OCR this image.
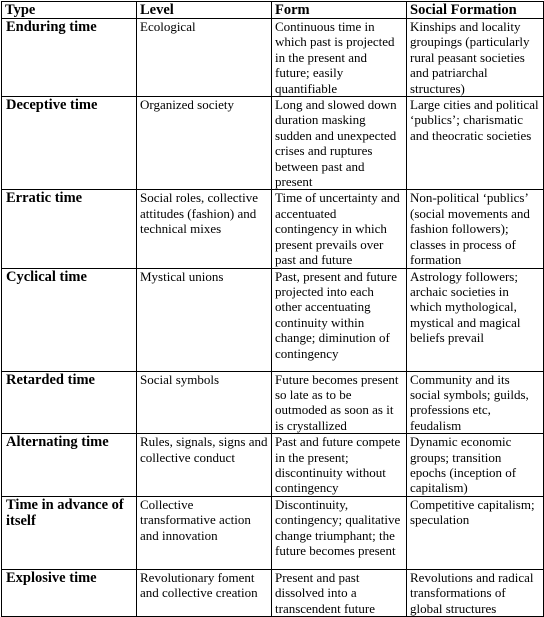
Type	Level	Form	Social Formation
Enduring time	Ecological	Continuous time in which past is projected in the present and future; easily quantifiable	Kinships and locality groupings (particularly rural peasant societies and patriarchal structures)
Deceptive time	Organized society	Long and slowed down duration masking sudden and unexpected crises and ruptures between past and present	Large cities and political ‘publics’; charismatic and theocratic societies
Erratic time	Social roles, collective attitudes (fashion) and technical mixes	Time of uncertainty and accentuated contingency in which present prevails over past and future	Non-political ‘publics’ (social movements and fashion followers); classes in process of formation
Cyclical time	Mystical unions	Past, present and future projected into each other accentuating continuity within change; diminution of contingency	Astrology followers; archaic societies in which mythological, mystical and magical beliefs prevail
Retarded time	Social symbols	Future becomes present so late as to be outmoded as soon as it is crystallized	Community and its social symbols; guilds, professions etc, feudalism
Alternating time	Rules, signals, signs and collective conduct	Past and future compete in the present; discontinuity without contingency	Dynamic economic groups; transition epochs (inception of capitalism)
Time in advance of itself	Collective transformative action and innovation	Discontinuity, contingency; qualitative change triumphant; the future becomes present	Competitive capitalism; speculation
Explosive time	Revolutionary foment and collective creation	Present and past dissolved into a transcendent future	Revolutions and radical transformations of global structures
